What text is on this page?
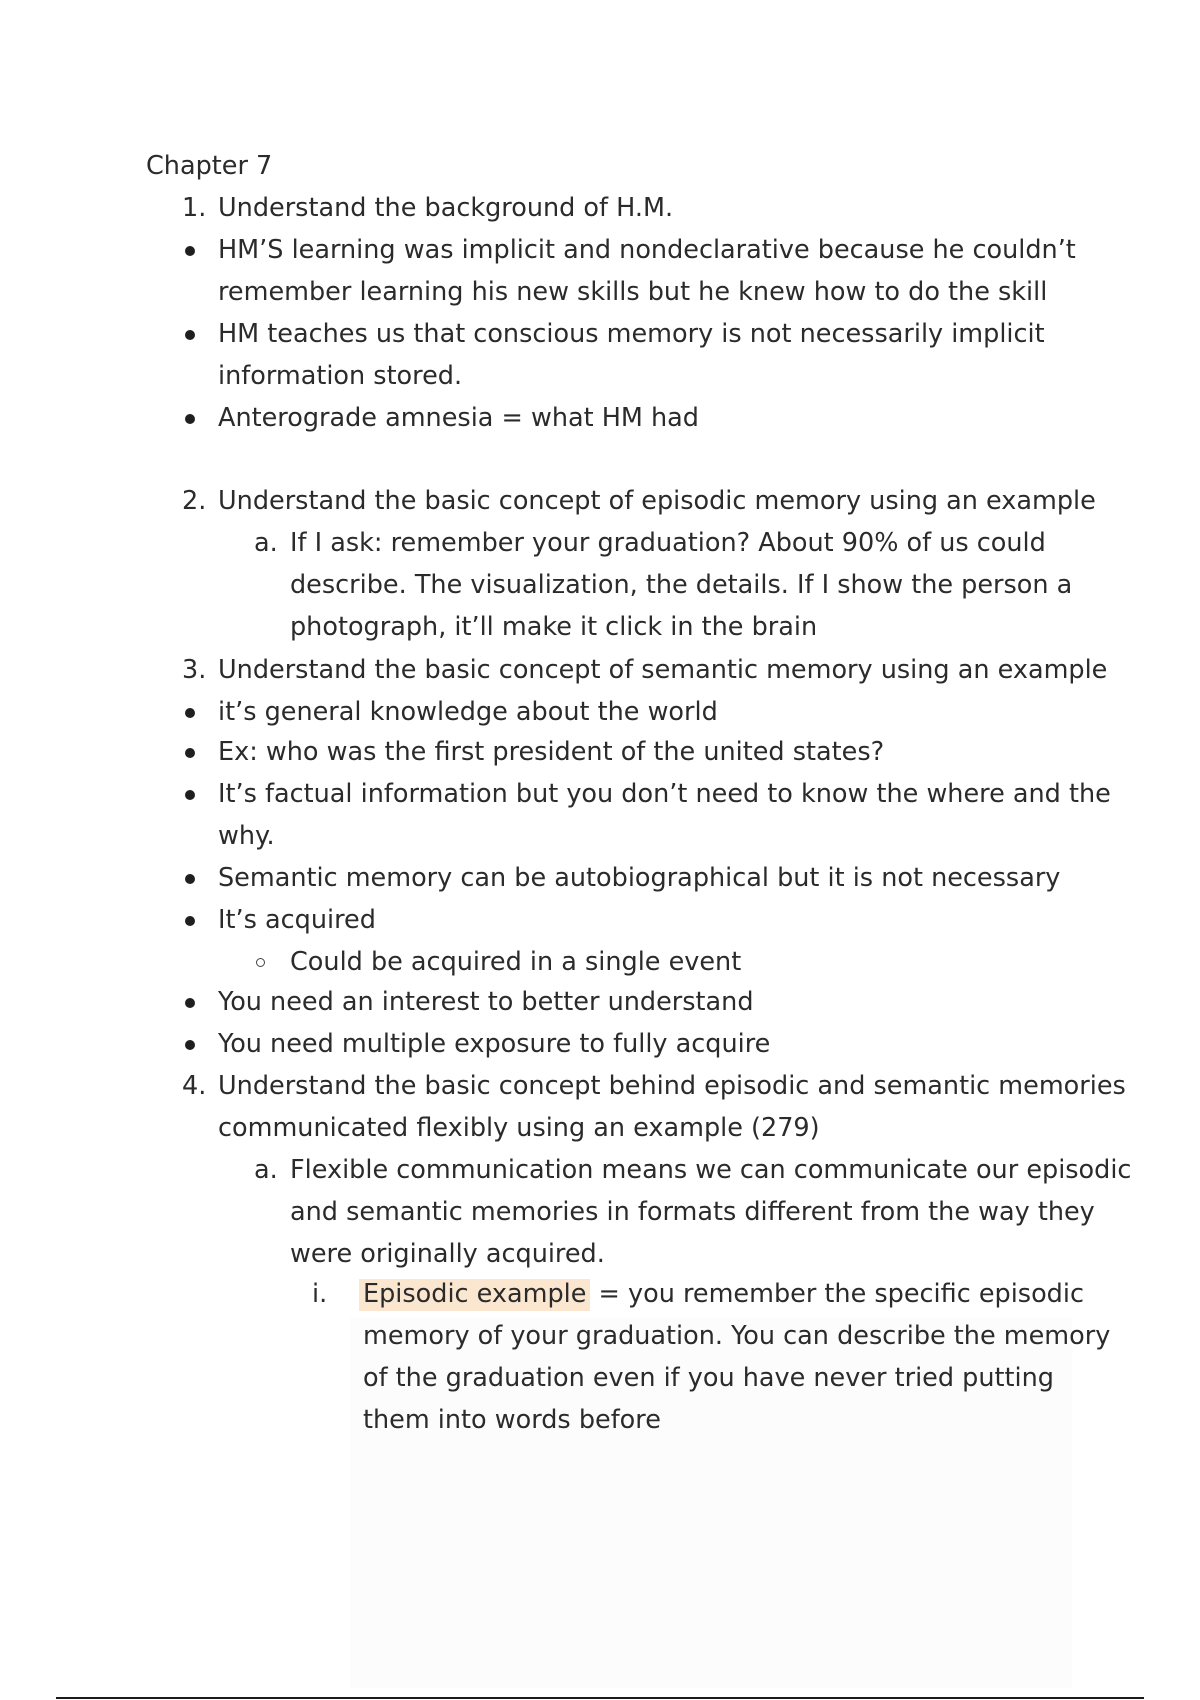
Chapter 7
1. Understand the background of H.M.
HM’S learning was implicit and nondeclarative because he couldn’t
remember learning his new skills but he knew how to do the skill
HM teaches us that conscious memory is not necessarily implicit
information stored.
Anterograde amnesia = what HM had
2. Understand the basic concept of episodic memory using an example
a. If I ask: remember your graduation? About 90% of us could
describe. The visualization, the details. If I show the person a
photograph, it’ll make it click in the brain
3. Understand the basic concept of semantic memory using an example
it’s general knowledge about the world
Ex: who was the first president of the united states?
It’s factual information but you don’t need to know the where and the
why.
Semantic memory can be autobiographical but it is not necessary
It’s acquired
Could be acquired in a single event
You need an interest to better understand
You need multiple exposure to fully acquire
4. Understand the basic concept behind episodic and semantic memories
communicated flexibly using an example (279)
a. Flexible communication means we can communicate our episodic
and semantic memories in formats different from the way they
were originally acquired.
i. Episodic example = you remember the specific episodic
memory of your graduation. You can describe the memory
of the graduation even if you have never tried putting
them into words before
